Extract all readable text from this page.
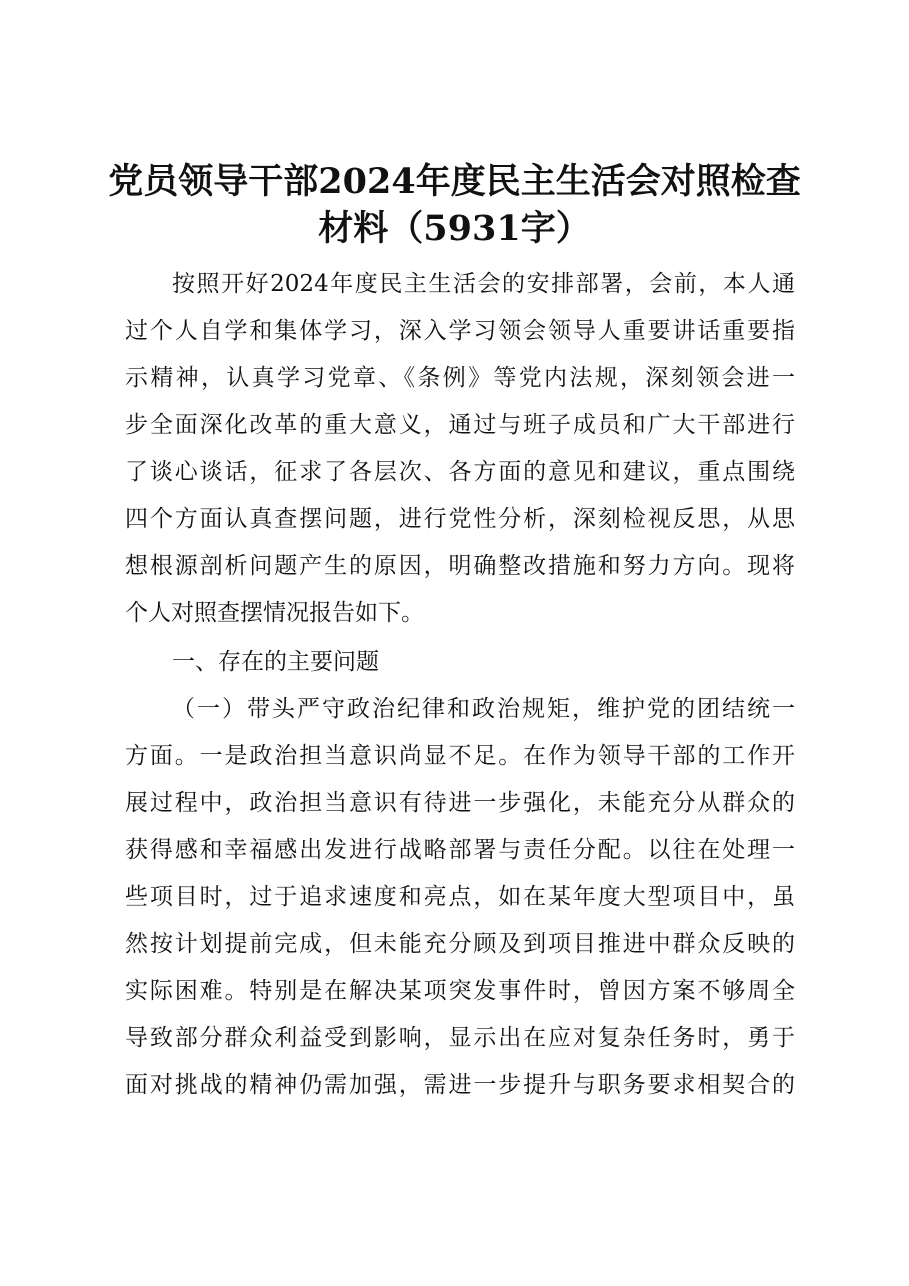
党员领导干部2024年度民主生活会对照检查
材料（5931字）
按照开好2024年度民主生活会的安排部署，会前，本人通
过个人自学和集体学习，深入学习领会领导人重要讲话重要指
示精神，认真学习党章、《条例》等党内法规，深刻领会进一
步全面深化改革的重大意义，通过与班子成员和广大干部进行
了谈心谈话，征求了各层次、各方面的意见和建议，重点围绕
四个方面认真查摆问题，进行党性分析，深刻检视反思，从思
想根源剖析问题产生的原因，明确整改措施和努力方向。现将
个人对照查摆情况报告如下。
一、存在的主要问题
（一）带头严守政治纪律和政治规矩，维护党的团结统一
方面。一是政治担当意识尚显不足。在作为领导干部的工作开
展过程中，政治担当意识有待进一步强化，未能充分从群众的
获得感和幸福感出发进行战略部署与责任分配。以往在处理一
些项目时，过于追求速度和亮点，如在某年度大型项目中，虽
然按计划提前完成，但未能充分顾及到项目推进中群众反映的
实际困难。特别是在解决某项突发事件时，曾因方案不够周全
导致部分群众利益受到影响，显示出在应对复杂任务时，勇于
面对挑战的精神仍需加强，需进一步提升与职务要求相契合的
